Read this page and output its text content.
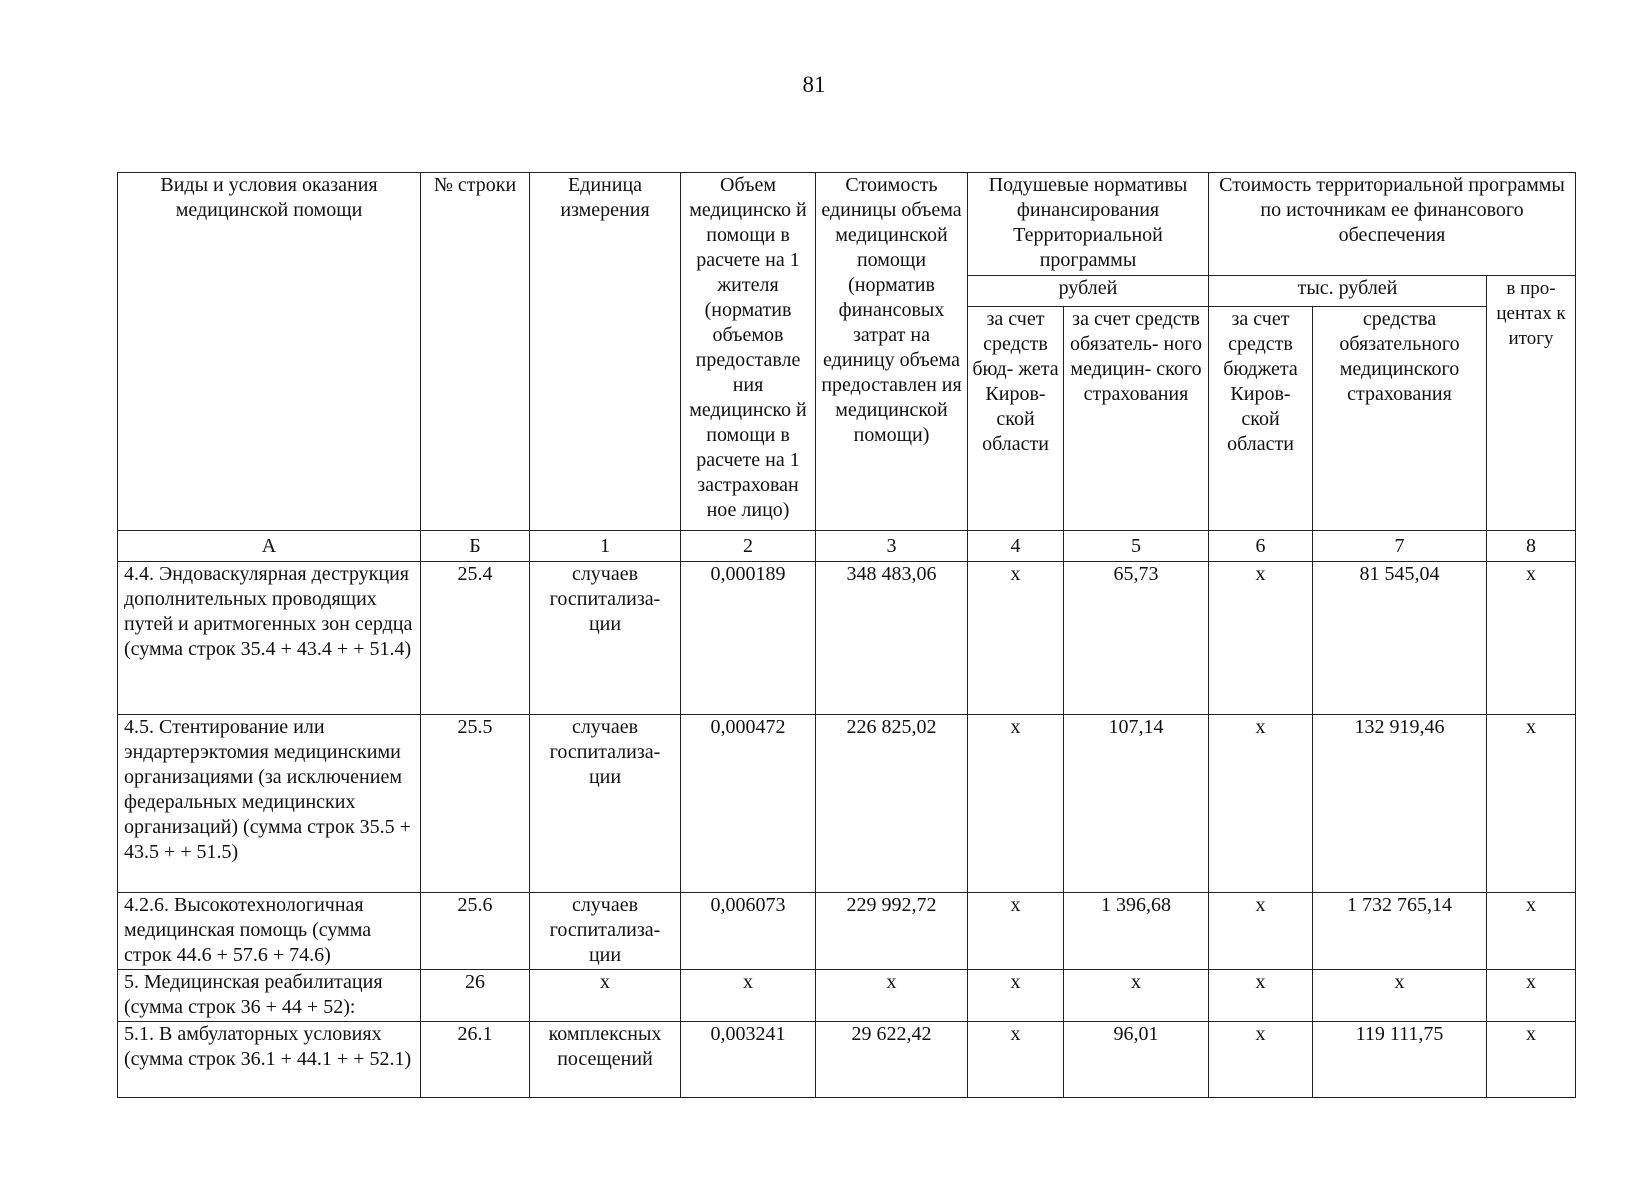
81
Виды и условия оказания медицинской помощи	№ строки	Единица измерения	Объем медицинско й помощи в расчете на 1 жителя (норматив объемов предоставле ния медицинско й помощи в расчете на 1 застрахован ное лицо)	Стоимость единицы объема медицинской помощи (норматив финансовых затрат на единицу объема предоставлен ия медицинской помощи)	Подушевые нормативы финансирования Территориальной программы		Стоимость территориальной программы по источникам ее финансового обеспечения		
					рублей		тыс. рублей		в про- центах к итогу
					за счет средств бюд- жета Киров- ской области	за счет средств обязатель- ного медицин- ского страхования	за счет средств бюджета Киров- ской области	средства обязательного медицинского страхования	
А	Б	1	2	3	4	5	6	7	8
4.4. Эндоваскулярная деструкция дополнительных проводящих путей и аритмогенных зон сердца (сумма строк 35.4 + 43.4 + + 51.4)	25.4	случаев госпитализа- ции	0,000189	348 483,06	х	65,73	х	81 545,04	х
4.5. Стентирование или эндартерэктомия медицинскими организациями (за исключением федеральных медицинских организаций) (сумма строк 35.5 + 43.5 + + 51.5)	25.5	случаев госпитализа- ции	0,000472	226 825,02	х	107,14	х	132 919,46	х
4.2.6. Высокотехнологичная медицинская помощь (сумма строк 44.6 + 57.6 + 74.6)	25.6	случаев госпитализа- ции	0,006073	229 992,72	х	1 396,68	х	1 732 765,14	х
5. Медицинская реабилитация (сумма строк 36 + 44 + 52):	26	х	х	х	х	х	х	х	х
5.1. В амбулаторных условиях (сумма строк 36.1 + 44.1 + + 52.1)	26.1	комплексных посещений	0,003241	29 622,42	х	96,01	х	119 111,75	х
